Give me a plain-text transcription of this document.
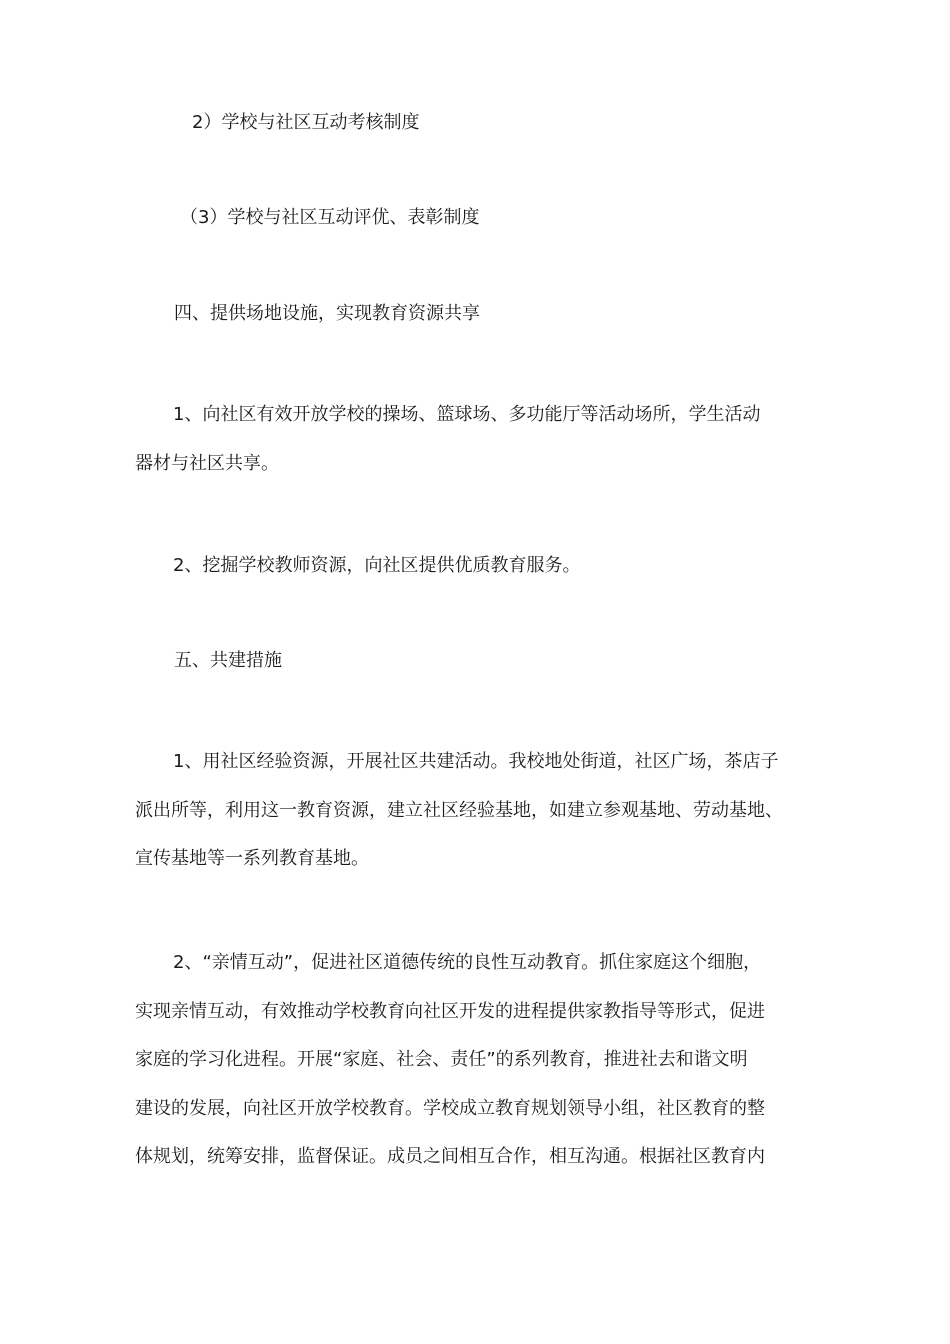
2）学校与社区互动考核制度

（3）学校与社区互动评优、表彰制度

四、提供场地设施，实现教育资源共享

1、向社区有效开放学校的操场、篮球场、多功能厅等活动场所，学生活动
器材与社区共享。

2、挖掘学校教师资源，向社区提供优质教育服务。

五、共建措施

1、用社区经验资源，开展社区共建活动。我校地处街道，社区广场，茶店子
派出所等，利用这一教育资源，建立社区经验基地，如建立参观基地、劳动基地、
宣传基地等一系列教育基地。

2、“亲情互动”，促进社区道德传统的良性互动教育。抓住家庭这个细胞，
实现亲情互动，有效推动学校教育向社区开发的进程提供家教指导等形式，促进
家庭的学习化进程。开展“家庭、社会、责任”的系列教育，推进社去和谐文明
建设的发展，向社区开放学校教育。学校成立教育规划领导小组，社区教育的整
体规划，统筹安排，监督保证。成员之间相互合作，相互沟通。根据社区教育内
